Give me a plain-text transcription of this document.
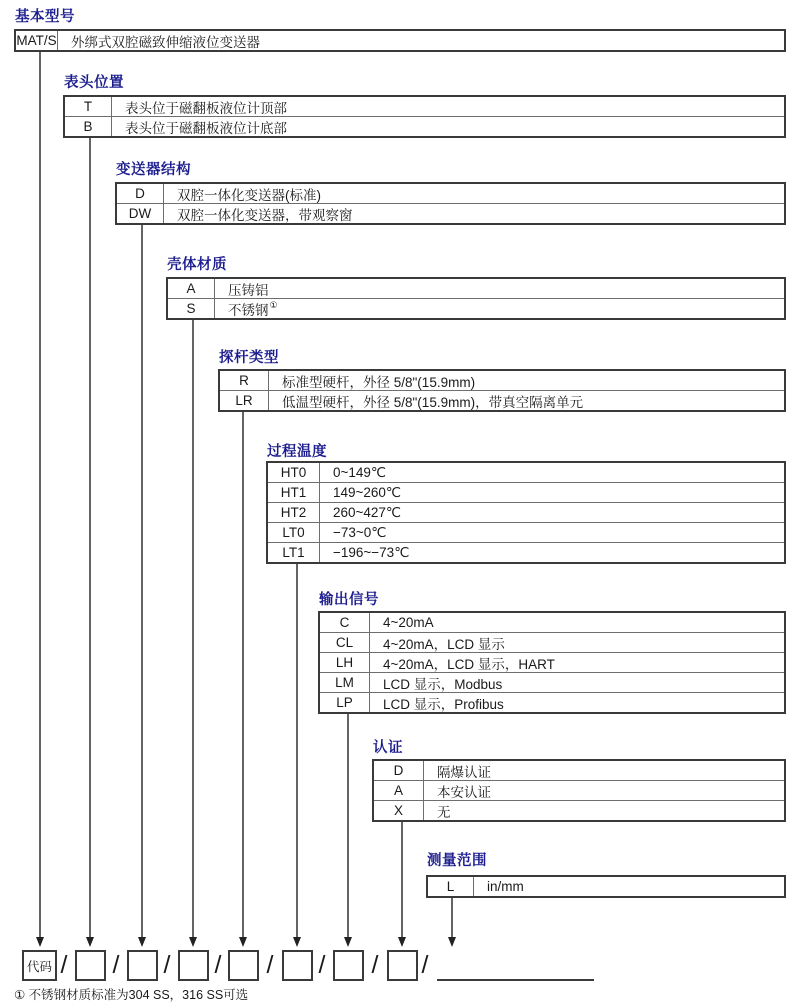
基本型号
MAT/S 外绑式双腔磁致伸缩液位变送器
表头位置
T	表头位于磁翻板液位计顶部
B	表头位于磁翻板液位计底部
变送器结构
D	双腔一体化变送器(标准)
DW	双腔一体化变送器，带观察窗
壳体材质
A	压铸铝
S	不锈钢①
探杆类型
R	标准型硬杆，外径 5/8"(15.9mm)
LR	低温型硬杆，外径 5/8"(15.9mm)，带真空隔离单元
过程温度
HT0	0~149℃
HT1	149~260℃
HT2	260~427℃
LT0	−73~0℃
LT1	−196~−73℃
输出信号
C	4~20mA
CL	4~20mA，LCD 显示
LH	4~20mA，LCD 显示，HART
LM	LCD 显示，Modbus
LP	LCD 显示，Profibus
认证
D	隔爆认证
A	本安认证
X	无
测量范围
L	in/mm
代码 / / / / / / / /
① 不锈钢材质标准为304 SS，316 SS可选
